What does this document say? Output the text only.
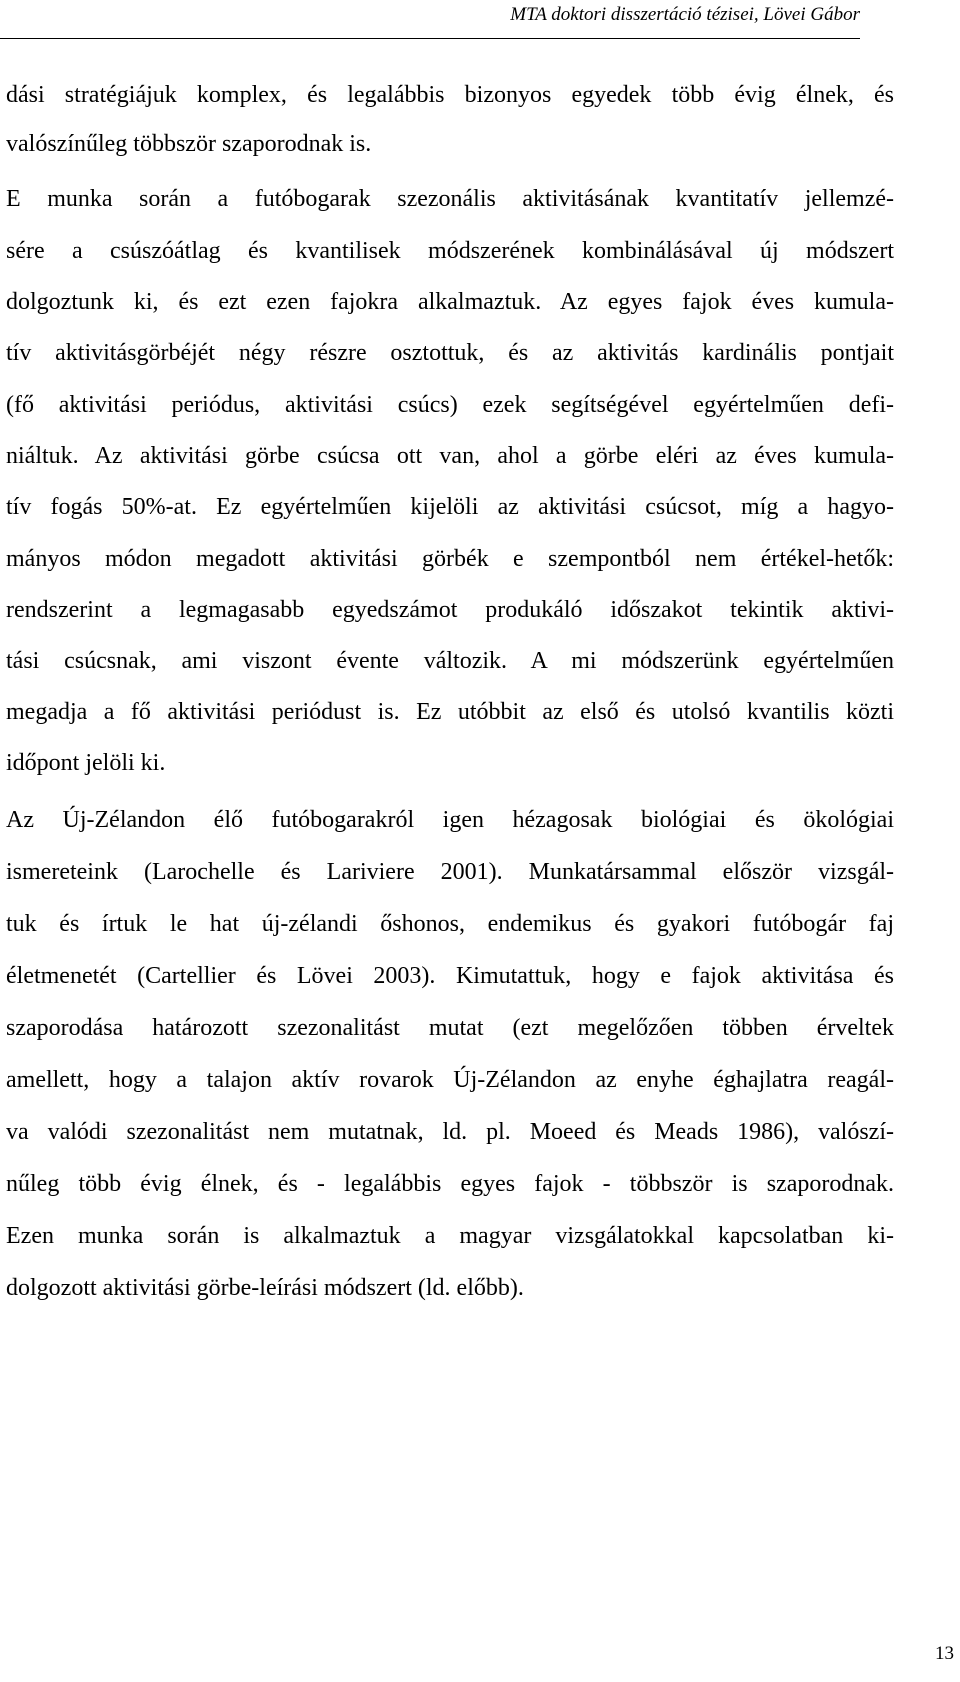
MTA doktori disszertáció tézisei, Lövei Gábor
dási stratégiájuk komplex, és legalábbis bizonyos egyedek több évig élnek, és
valószínűleg többször szaporodnak is.
E munka során a futóbogarak szezonális aktivitásának kvantitatív jellemzé-
sére a csúszóátlag és kvantilisek módszerének kombinálásával új módszert
dolgoztunk ki, és ezt ezen fajokra alkalmaztuk. Az egyes fajok éves kumula-
tív aktivitásgörbéjét négy részre osztottuk, és az aktivitás kardinális pontjait
(fő aktivitási periódus, aktivitási csúcs) ezek segítségével egyértelműen defi-
niáltuk. Az aktivitási görbe csúcsa ott van, ahol a görbe eléri az éves kumula-
tív fogás 50%-at. Ez egyértelműen kijelöli az aktivitási csúcsot, míg a hagyo-
mányos módon megadott aktivitási görbék e szempontból nem értékel-hetők:
rendszerint a legmagasabb egyedszámot produkáló időszakot tekintik aktivi-
tási csúcsnak, ami viszont évente változik. A mi módszerünk egyértelműen
megadja a fő aktivitási periódust is. Ez utóbbit az első és utolsó kvantilis közti
időpont jelöli ki.
Az Új-Zélandon élő futóbogarakról igen hézagosak biológiai és ökológiai
ismereteink (Larochelle és Lariviere 2001). Munkatársammal először vizsgál-
tuk és írtuk le hat új-zélandi őshonos, endemikus és gyakori futóbogár faj
életmenetét (Cartellier és Lövei 2003). Kimutattuk, hogy e fajok aktivitása és
szaporodása határozott szezonalitást mutat (ezt megelőzően többen érveltek
amellett, hogy a talajon aktív rovarok Új-Zélandon az enyhe éghajlatra reagál-
va valódi szezonalitást nem mutatnak, ld. pl. Moeed és Meads 1986), valószí-
nűleg több évig élnek, és - legalábbis egyes fajok - többször is szaporodnak.
Ezen munka során is alkalmaztuk a magyar vizsgálatokkal kapcsolatban ki-
dolgozott aktivitási görbe-leírási módszert (ld. előbb).
13
